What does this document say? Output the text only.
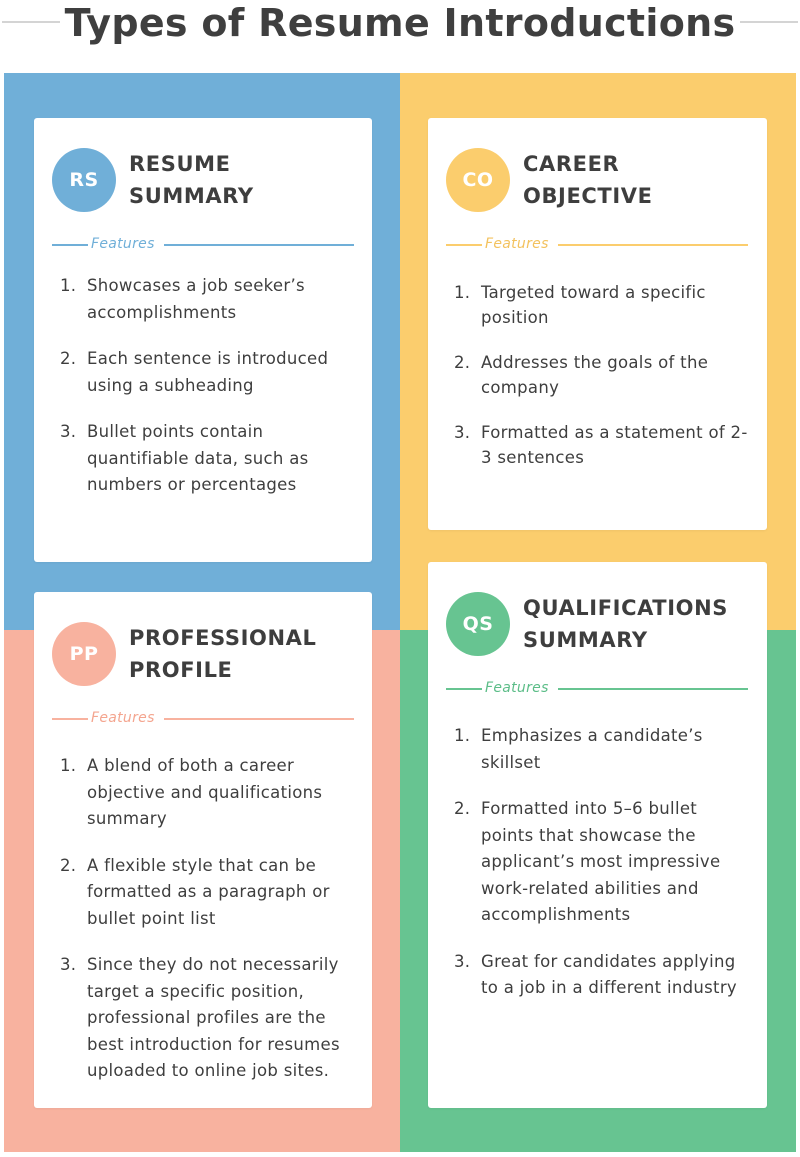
Types of Resume Introductions
RS
RESUME
SUMMARY
Features
1. Showcases a job seeker’s accomplishments
2. Each sentence is introduced using a subheading
3. Bullet points contain quantifiable data, such as numbers or percentages
CO
CAREER
OBJECTIVE
Features
1. Targeted toward a specific position
2. Addresses the goals of the company
3. Formatted as a statement of 2-3 sentences
PP
PROFESSIONAL
PROFILE
Features
1. A blend of both a career objective and qualifications summary
2. A flexible style that can be formatted as a paragraph or bullet point list
3. Since they do not necessarily target a specific position, professional profiles are the best introduction for resumes uploaded to online job sites.
QS
QUALIFICATIONS
SUMMARY
Features
1. Emphasizes a candidate’s skillset
2. Formatted into 5–6 bullet points that showcase the applicant’s most impressive work-related abilities and accomplishments
3. Great for candidates applying to a job in a different industry
